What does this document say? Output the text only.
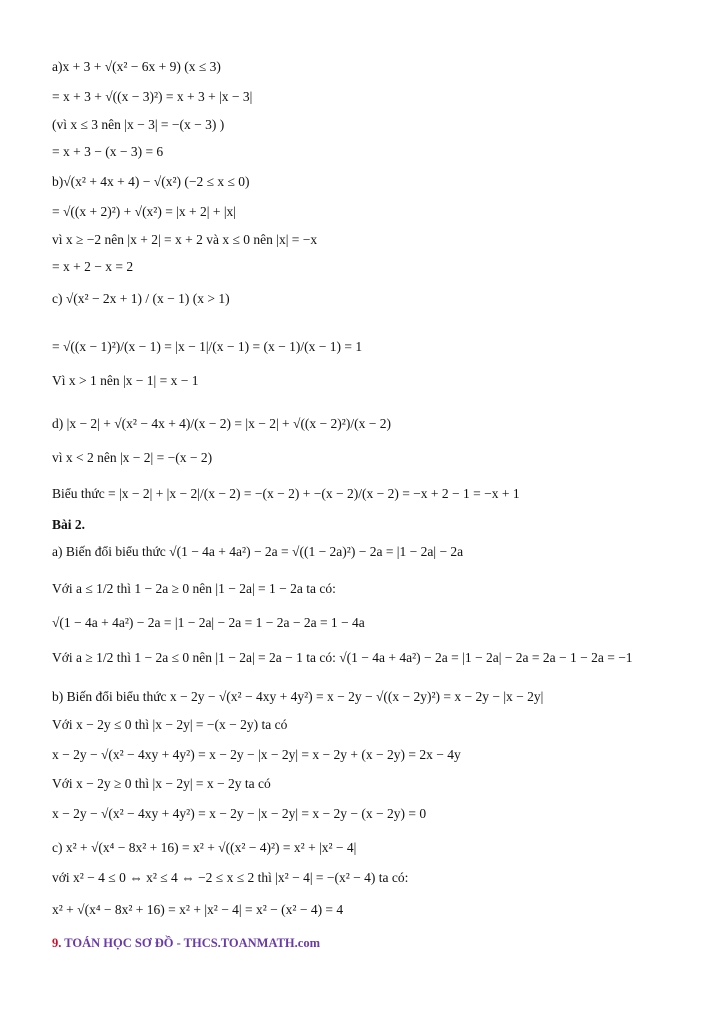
a)x + 3 + √(x² − 6x + 9) (x ≤ 3)
= x + 3 + √((x − 3)²) = x + 3 + |x − 3|
(vì x ≤ 3 nên |x − 3| = −(x − 3) )
= x + 3 − (x − 3) = 6
b)√(x² + 4x + 4) − √(x²) (−2 ≤ x ≤ 0)
= √((x + 2)²) + √(x²) = |x + 2| + |x|
vì x ≥ −2 nên |x + 2| = x + 2 và x ≤ 0 nên |x| = −x
= x + 2 − x = 2
c) √(x² − 2x + 1) / (x − 1) (x > 1)
= √((x − 1)²)/(x − 1) = |x − 1|/(x − 1) = (x − 1)/(x − 1) = 1
Vì x > 1 nên |x − 1| = x − 1
d) |x − 2| + √(x² − 4x + 4)/(x − 2) = |x − 2| + √((x − 2)²)/(x − 2)
vì x < 2 nên |x − 2| = −(x − 2)
Biểu thức = |x − 2| + |x − 2|/(x − 2) = −(x − 2) + −(x − 2)/(x − 2) = −x + 2 − 1 = −x + 1
Bài 2.
a) Biến đổi biểu thức √(1 − 4a + 4a²) − 2a = √((1 − 2a)²) − 2a = |1 − 2a| − 2a
Với a ≤ 1/2 thì 1 − 2a ≥ 0 nên |1 − 2a| = 1 − 2a ta có:
√(1 − 4a + 4a²) − 2a = |1 − 2a| − 2a = 1 − 2a − 2a = 1 − 4a
Với a ≥ 1/2 thì 1 − 2a ≤ 0 nên |1 − 2a| = 2a − 1 ta có: √(1 − 4a + 4a²) − 2a = |1 − 2a| − 2a = 2a − 1 − 2a = −1
b) Biến đổi biểu thức x − 2y − √(x² − 4xy + 4y²) = x − 2y − √((x − 2y)²) = x − 2y − |x − 2y|
Với x − 2y ≤ 0 thì |x − 2y| = −(x − 2y) ta có
x − 2y − √(x² − 4xy + 4y²) = x − 2y − |x − 2y| = x − 2y + (x − 2y) = 2x − 4y
Với x − 2y ≥ 0 thì |x − 2y| = x − 2y ta có
x − 2y − √(x² − 4xy + 4y²) = x − 2y − |x − 2y| = x − 2y − (x − 2y) = 0
c) x² + √(x⁴ − 8x² + 16) = x² + √((x² − 4)²) = x² + |x² − 4|
với x² − 4 ≤ 0 ⇔ x² ≤ 4 ⇔ −2 ≤ x ≤ 2 thì |x² − 4| = −(x² − 4) ta có:
x² + √(x⁴ − 8x² + 16) = x² + |x² − 4| = x² − (x² − 4) = 4
9. TOÁN HỌC SƠ ĐỒ - THCS.TOANMATH.com
